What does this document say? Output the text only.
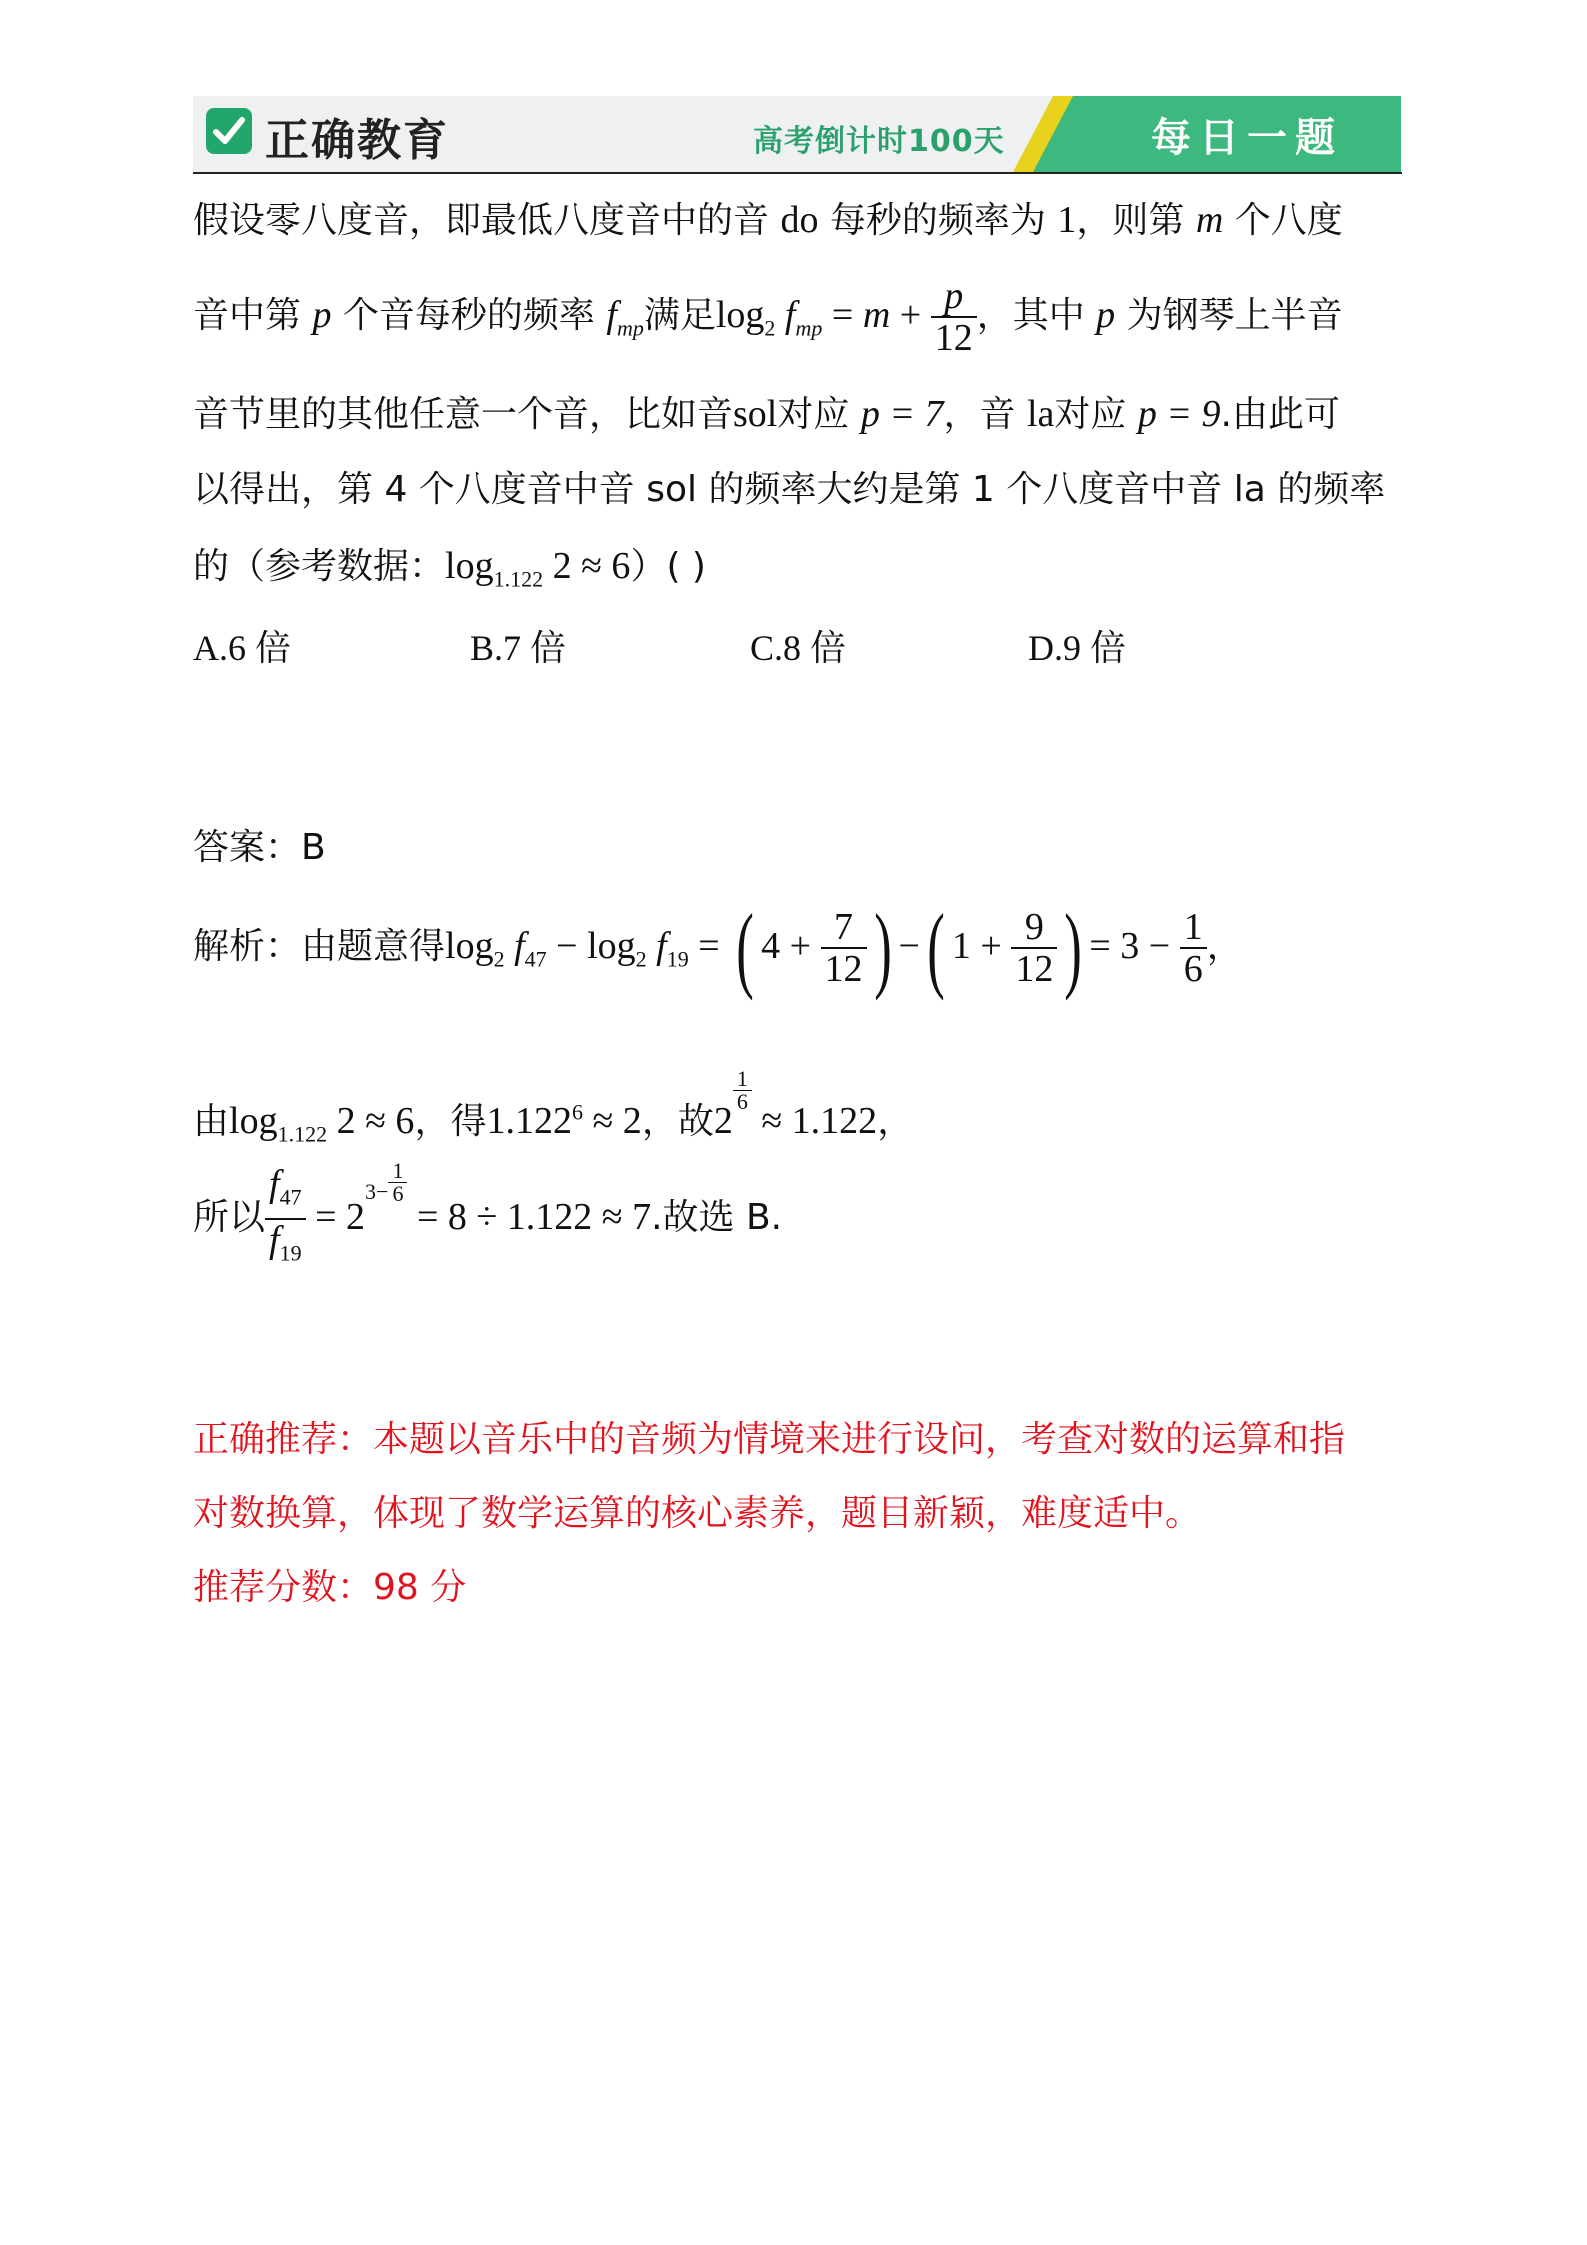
正确教育	高考倒计时100天	每日一题
假设零八度音，即最低八度音中的音 do 每秒的频率为 1，则第 m 个八度
音中第 p 个音每秒的频率 $f_{mp}$满足$\log_2 f_{mp} = m + \frac{p}{12}$ ，其中 p 为钢琴上半音
音节里的其他任意一个音，比如音sol对应 p = 7，音 la对应 p = 9.由此可
以得出，第 4 个八度音中音 sol 的频率大约是第 1 个八度音中音 la 的频率
的（参考数据：$\log_{1.122} 2 \approx 6$）( )
A.6 倍	B.7 倍	C.8 倍	D.9 倍
答案：B
解析：由题意得$\log_2 f_{47} - \log_2 f_{19}$ = ( $4 + \frac{7}{12}$ ) −( $1 + \frac{9}{12}$ ) = $3 - \frac{1}{6}$ ，
由$\log_{1.122} 2 \approx 6$，得$1.122^6 \approx 2$，故2
$\frac{1}{6}$
≈ 1.122，
所以 $\frac{f_{47}}{f_{19}} = 2^{3-} \frac{1}{6}$
= 8 ÷ 1.122 ≈ 7.故选 B.
正确推荐：本题以音乐中的音频为情境来进行设问，考查对数的运算和指
对数换算，体现了数学运算的核心素养，题目新颖，难度适中。
推荐分数：98 分
